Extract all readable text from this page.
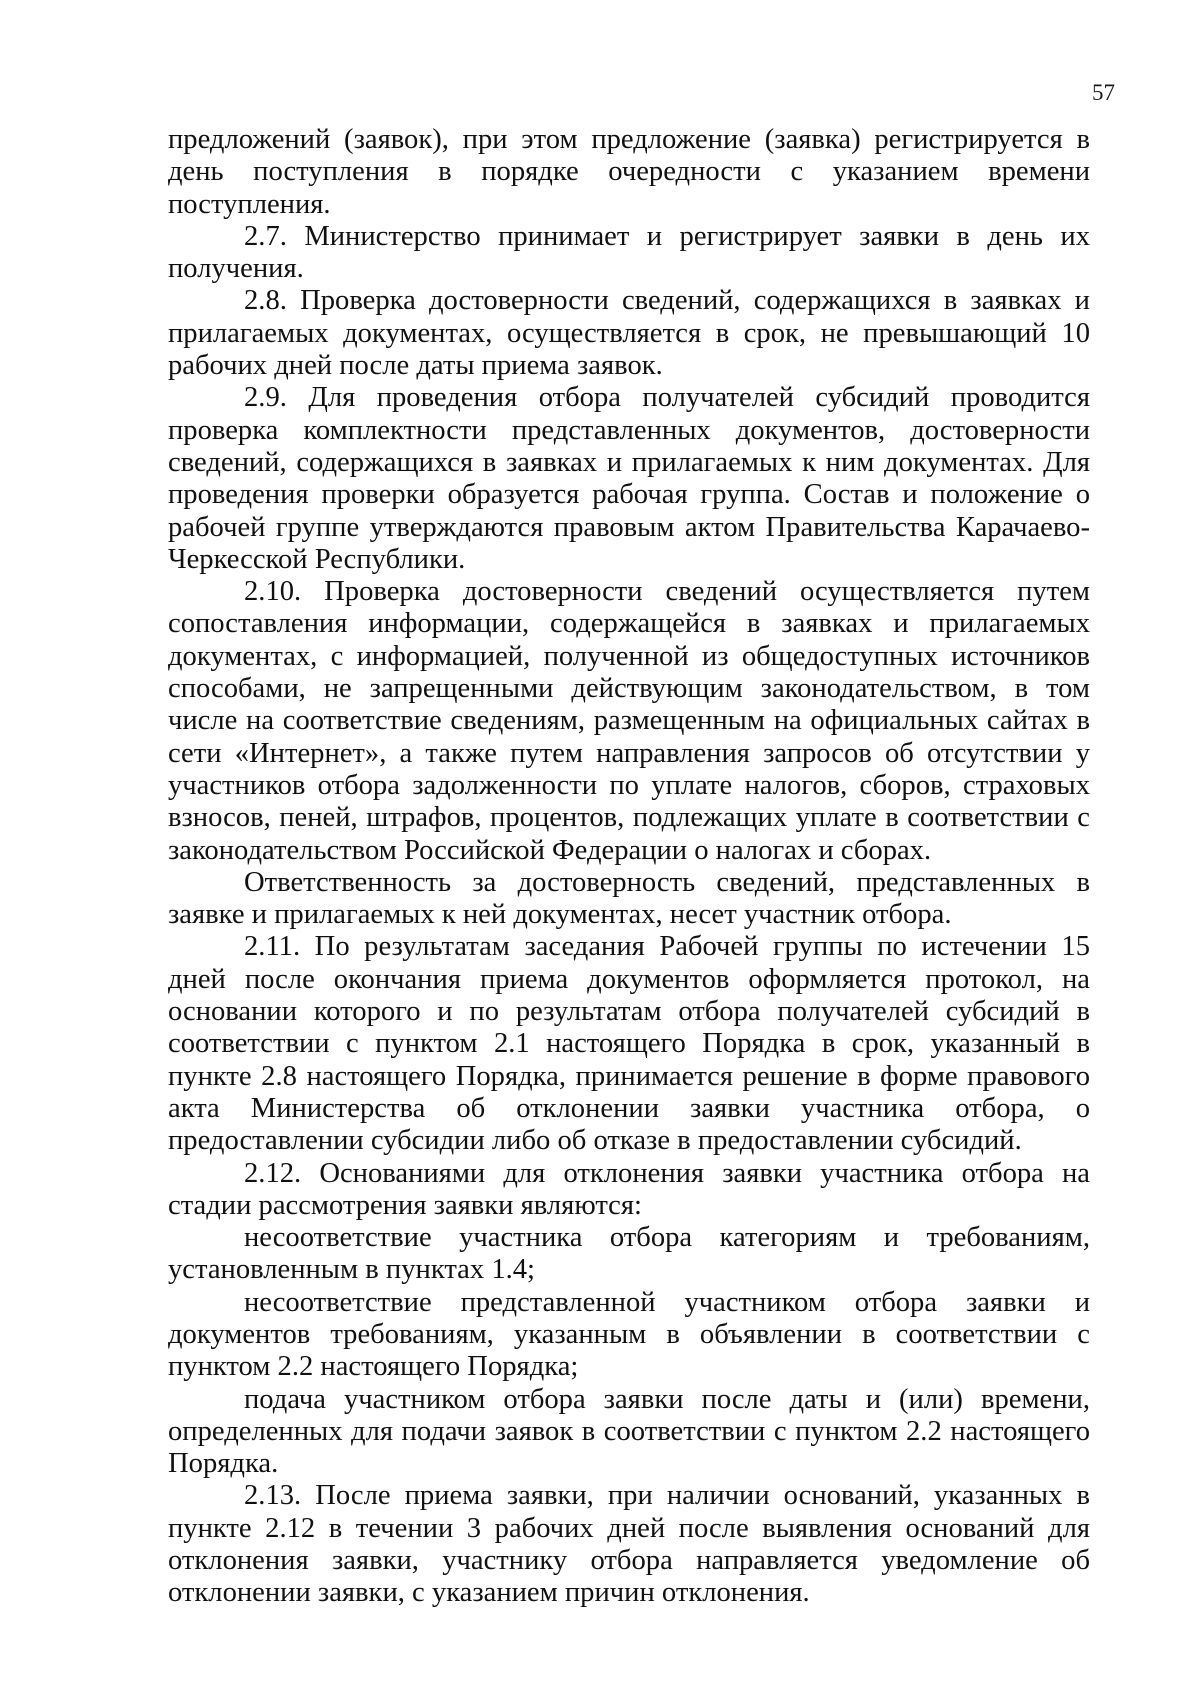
57

предложений (заявок), при этом предложение (заявка) регистрируется в день поступления в порядке очередности с указанием времени поступления.

2.7. Министерство принимает и регистрирует заявки в день их получения.

2.8. Проверка достоверности сведений, содержащихся в заявках и прилагаемых документах, осуществляется в срок, не превышающий 10 рабочих дней после даты приема заявок.

2.9. Для проведения отбора получателей субсидий проводится проверка комплектности представленных документов, достоверности сведений, содержащихся в заявках и прилагаемых к ним документах. Для проведения проверки образуется рабочая группа. Состав и положение о рабочей группе утверждаются правовым актом Правительства Карачаево-Черкесской Республики.

2.10. Проверка достоверности сведений осуществляется путем сопоставления информации, содержащейся в заявках и прилагаемых документах, с информацией, полученной из общедоступных источников способами, не запрещенными действующим законодательством, в том числе на соответствие сведениям, размещенным на официальных сайтах в сети «Интернет», а также путем направления запросов об отсутствии у участников отбора задолженности по уплате налогов, сборов, страховых взносов, пеней, штрафов, процентов, подлежащих уплате в соответствии с законодательством Российской Федерации о налогах и сборах.

Ответственность за достоверность сведений, представленных в заявке и прилагаемых к ней документах, несет участник отбора.

2.11. По результатам заседания Рабочей группы по истечении 15 дней после окончания приема документов оформляется протокол, на основании которого и по результатам отбора получателей субсидий в соответствии с пунктом 2.1 настоящего Порядка в срок, указанный в пункте 2.8 настоящего Порядка, принимается решение в форме правового акта Министерства об отклонении заявки участника отбора, о предоставлении субсидии либо об отказе в предоставлении субсидий.

2.12. Основаниями для отклонения заявки участника отбора на стадии рассмотрения заявки являются:

несоответствие участника отбора категориям и требованиям, установленным в пунктах 1.4;

несоответствие представленной участником отбора заявки и документов требованиям, указанным в объявлении в соответствии с пунктом 2.2 настоящего Порядка;

подача участником отбора заявки после даты и (или) времени, определенных для подачи заявок в соответствии с пунктом 2.2 настоящего Порядка.

2.13. После приема заявки, при наличии оснований, указанных в пункте 2.12 в течении 3 рабочих дней после выявления оснований для отклонения заявки, участнику отбора направляется уведомление об отклонении заявки, с указанием причин отклонения.
